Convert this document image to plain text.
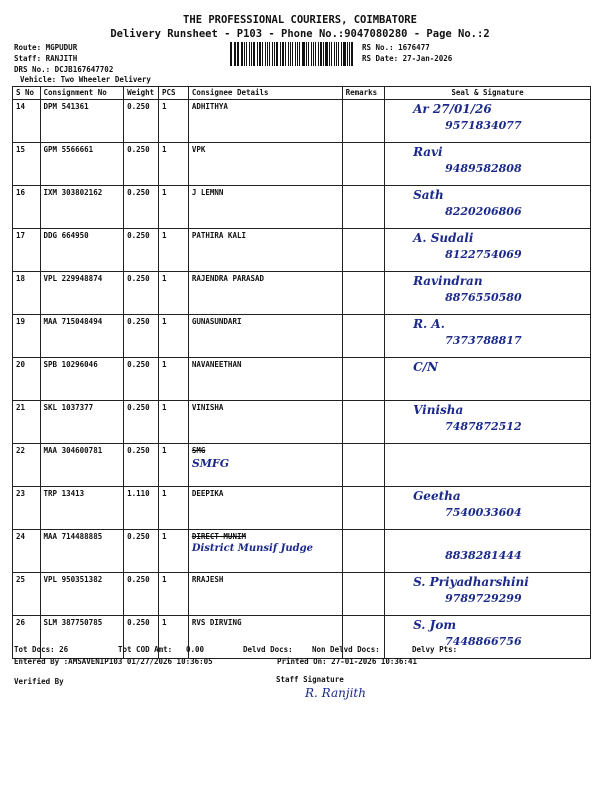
THE PROFESSIONAL COURIERS, COIMBATORE
Delivery Runsheet - P103 - Phone No.:9047080280 - Page No.:2
Route: MGPUDUR
Staff: RANJITH
DRS No.: DCJB167647702
Vehicle: Two Wheeler Delivery
RS No.: 1676477
RS Date: 27-Jan-2026
S No	Consignment No	Weight	PCS	Consignee Details	Remarks	Seal & Signature
14	DPM 541361	0.250	1	ADHITHYA		Ar 27/01/26
9571834077

15	GPM 5566661	0.250	1	VPK		Ravi
9489582808

16	IXM 303802162	0.250	1	J LEMNN		Sath
8220206806

17	DDG 664950	0.250	1	PATHIRA KALI		A. Sudali
8122754069

18	VPL 229948874	0.250	1	RAJENDRA PARASAD		Ravindran
8876550580

19	MAA 715048494	0.250	1	GUNASUNDARI		R. A.
7373788817

20	SPB 10296046	0.250	1	NAVANEETHAN		C/N

21	SKL 1037377	0.250	1	VINISHA		Vinisha
7487872512

22	MAA 304600781	0.250	1	SMG
SMFG		

23	TRP 13413	1.110	1	DEEPIKA		Geetha
7540033604

24	MAA 714488885	0.250	1	DIRECT MUNIM
District Munsif Judge		8838281444

25	VPL 950351382	0.250	1	RRAJESH		S. Priyadharshini
9789729299

26	SLM 387750785	0.250	1	RVS DIRVING		S. Jom
7448866756
Tot Docs: 26	Tot COD Amt: 0.00	Delvd Docs:	Non Delvd Docs:	Delvy Pts:
Entered By :AMSAVENIP103 01/27/2026 10:36:05	Printed On: 27-01-2026 10:36:41
Verified By	Staff Signature
R. Ranjith
